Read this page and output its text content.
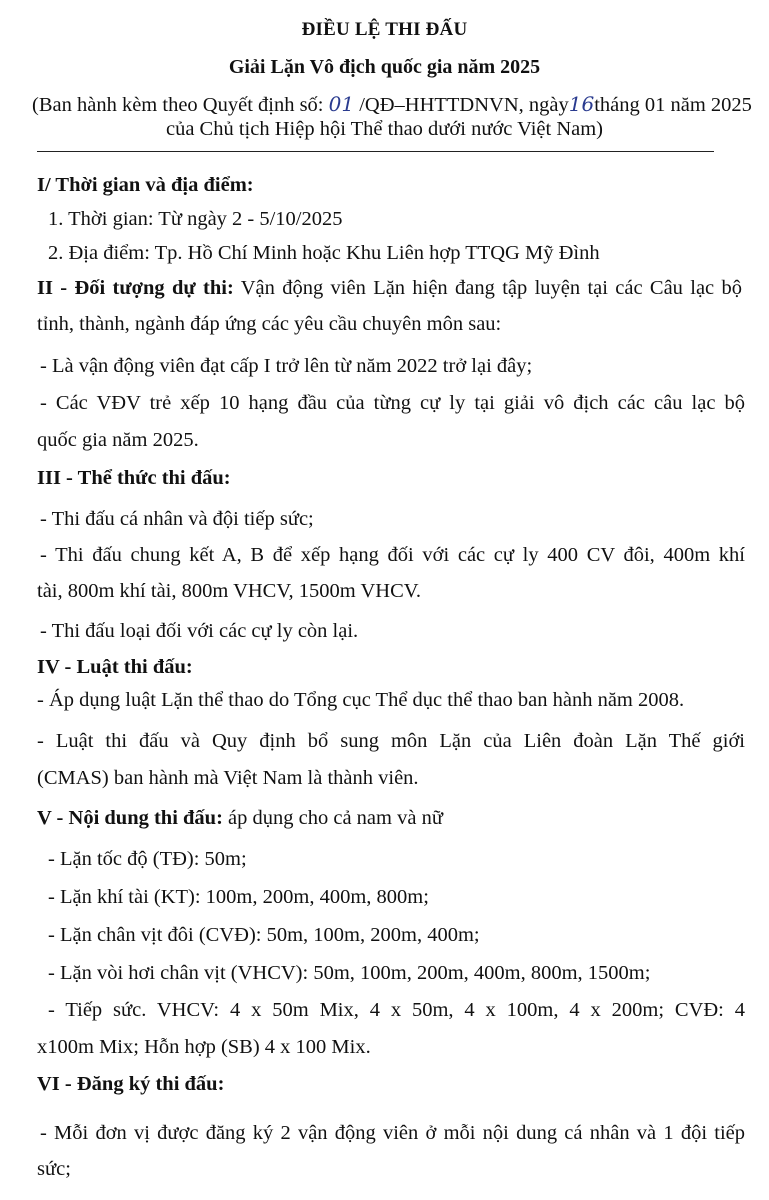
ĐIỀU LỆ THI ĐẤU
Giải Lặn Vô địch quốc gia năm 2025
(Ban hành kèm theo Quyết định số: 01 /QĐ–HHTTDNVN, ngày16tháng 01 năm 2025
của Chủ tịch Hiệp hội Thể thao dưới nước Việt Nam)
I/ Thời gian và địa điểm:
1. Thời gian: Từ ngày 2 - 5/10/2025
2. Địa điểm: Tp. Hồ Chí Minh hoặc Khu Liên hợp TTQG Mỹ Đình
II - Đối tượng dự thi: Vận động viên Lặn hiện đang tập luyện tại các Câu lạc bộ
tỉnh, thành, ngành đáp ứng các yêu cầu chuyên môn sau:
- Là vận động viên đạt cấp I trở lên từ năm 2022 trở lại đây;
- Các VĐV trẻ xếp 10 hạng đầu của từng cự ly tại giải vô địch các câu lạc bộ
quốc gia năm 2025.
III - Thể thức thi đấu:
- Thi đấu cá nhân và đội tiếp sức;
- Thi đấu chung kết A, B để xếp hạng đối với các cự ly 400 CV đôi, 400m khí
tài, 800m khí tài, 800m VHCV, 1500m VHCV.
- Thi đấu loại đối với các cự ly còn lại.
IV - Luật thi đấu:
- Áp dụng luật Lặn thể thao do Tổng cục Thể dục thể thao ban hành năm 2008.
- Luật thi đấu và Quy định bổ sung môn Lặn của Liên đoàn Lặn Thế giới
(CMAS) ban hành mà Việt Nam là thành viên.
V - Nội dung thi đấu: áp dụng cho cả nam và nữ
- Lặn tốc độ (TĐ): 50m;
- Lặn khí tài (KT): 100m, 200m, 400m, 800m;
- Lặn chân vịt đôi (CVĐ): 50m, 100m, 200m, 400m;
- Lặn vòi hơi chân vịt (VHCV): 50m, 100m, 200m, 400m, 800m, 1500m;
- Tiếp sức. VHCV: 4 x 50m Mix, 4 x 50m, 4 x 100m, 4 x 200m; CVĐ: 4
x100m Mix; Hỗn hợp (SB) 4 x 100 Mix.
VI - Đăng ký thi đấu:
- Mỗi đơn vị được đăng ký 2 vận động viên ở mỗi nội dung cá nhân và 1 đội tiếp
sức;
